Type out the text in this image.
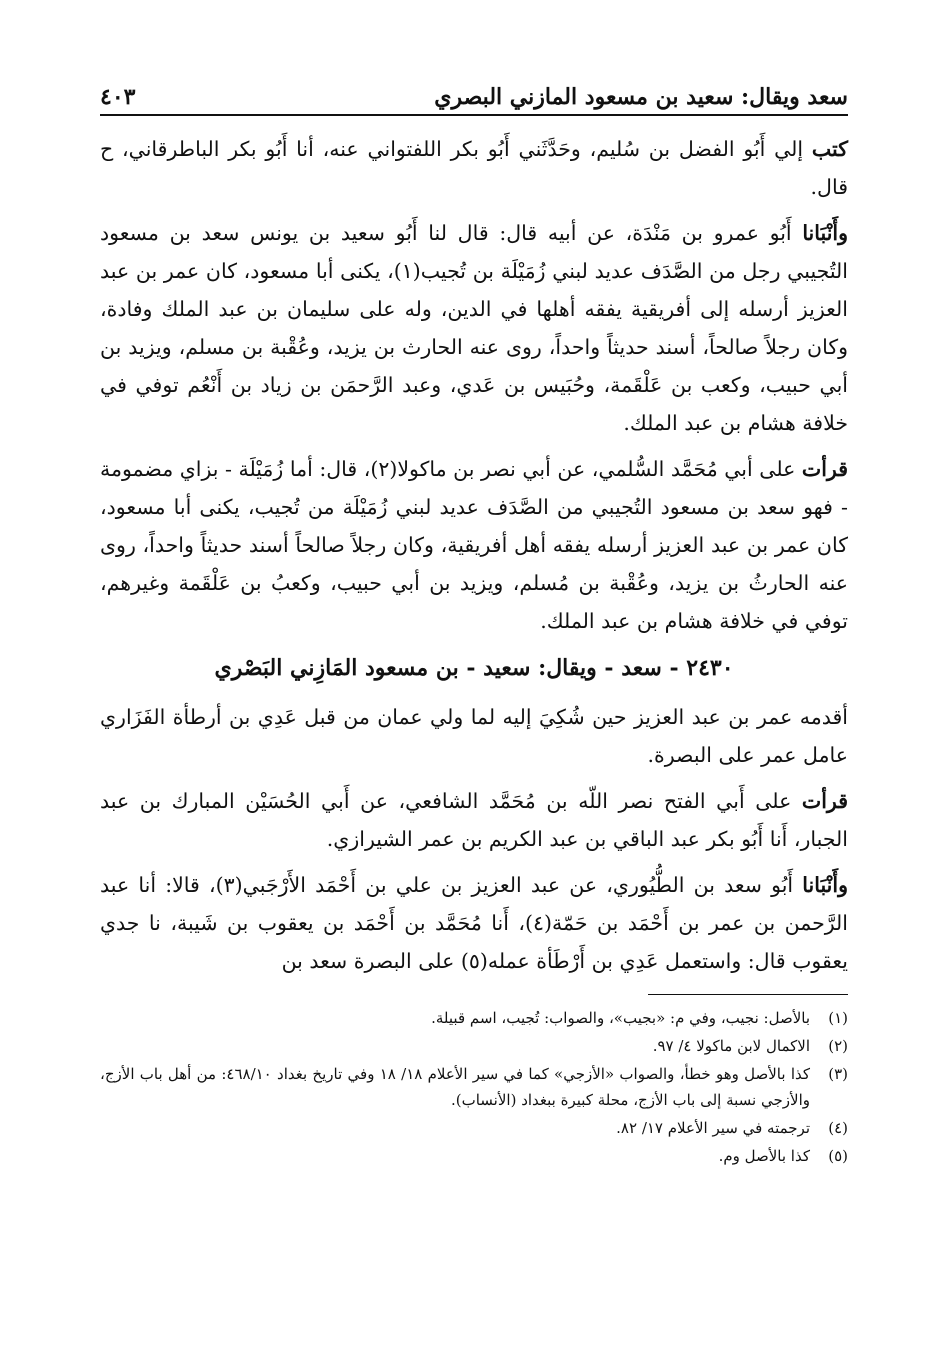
سعد ويقال: سعيد بن مسعود المازني البصري
٤٠٣

كتب إلي أَبُو الفضل بن سُليم، وحَدَّثَني أَبُو بكر اللفتواني عنه، أنا أَبُو بكر الباطرقاني، ح قال.

وأَنْبَانا أَبُو عمرو بن مَنْدَة، عن أبيه قال: قال لنا أَبُو سعيد بن يونس سعد بن مسعود التُجيبي رجل من الصَّدَف عديد لبني زُمَيْلَة بن تُجيب(١)، يكنى أبا مسعود، كان عمر بن عبد العزيز أرسله إلى أفريقية يفقه أهلها في الدين، وله على سليمان بن عبد الملك وفادة، وكان رجلاً صالحاً، أسند حديثاً واحداً، روى عنه الحارث بن يزيد، وعُقْبة بن مسلم، ويزيد بن أبي حبيب، وكعب بن عَلْقَمة، وحُبَيس بن عَدي، وعبد الرَّحمَن بن زياد بن أَنْعُم توفي في خلافة هشام بن عبد الملك.

قرأت على أبي مُحَمَّد السُّلمي، عن أبي نصر بن ماكولا(٢)، قال: أما زُمَيْلَة - بزاي مضمومة - فهو سعد بن مسعود التُجيبي من الصَّدَف عديد لبني زُمَيْلَة من تُجيب، يكنى أبا مسعود، كان عمر بن عبد العزيز أرسله يفقه أهل أفريقية، وكان رجلاً صالحاً أسند حديثاً واحداً، روى عنه الحارثُ بن يزيد، وعُقْبة بن مُسلم، ويزيد بن أبي حبيب، وكعبُ بن عَلْقَمة وغيرهم، توفي في خلافة هشام بن عبد الملك.

٢٤٣٠ - سعد - ويقال: سعيد - بن مسعود المَازِني البَصْري

أقدمه عمر بن عبد العزيز حين شُكِيَ إليه لما ولي عمان من قبل عَدِي بن أرطأة الفَزَاري عامل عمر على البصرة.

قرأت على أَبي الفتح نصر اللّه بن مُحَمَّد الشافعي، عن أَبي الحُسَيْن المبارك بن عبد الجبار، أَنا أَبُو بكر عبد الباقي بن عبد الكريم بن عمر الشيرازي.

وأَنْبَانا أَبُو سعد بن الطُّيُوري، عن عبد العزيز بن علي بن أَحْمَد الأَرْجَبي(٣)، قالا: أنا عبد الرَّحمن بن عمر بن أَحْمَد بن حَمّة(٤)، أَنا مُحَمَّد بن أَحْمَد بن يعقوب بن شَيبة، نا جدي يعقوب قال: واستعمل عَدِي بن أَرْطَأة عمله(٥) على البصرة سعد بن

(١)
بالأصل: نجيب، وفي م: «بجيب»، والصواب: تُجيب، اسم قبيلة.
(٢)
الاكمال لابن ماكولا ٤/ ٩٧.
(٣)
كذا بالأصل وهو خطأ، والصواب «الأزجي» كما في سير الأعلام ١٨/ ١٨ وفي تاريخ بغداد ٤٦٨/١٠: من أهل باب الأزج، والأزجي نسبة إلى باب الأزج، محلة كبيرة ببغداد (الأنساب).
(٤)
ترجمته في سير الأعلام ١٧/ ٨٢.
(٥)
كذا بالأصل وم.
